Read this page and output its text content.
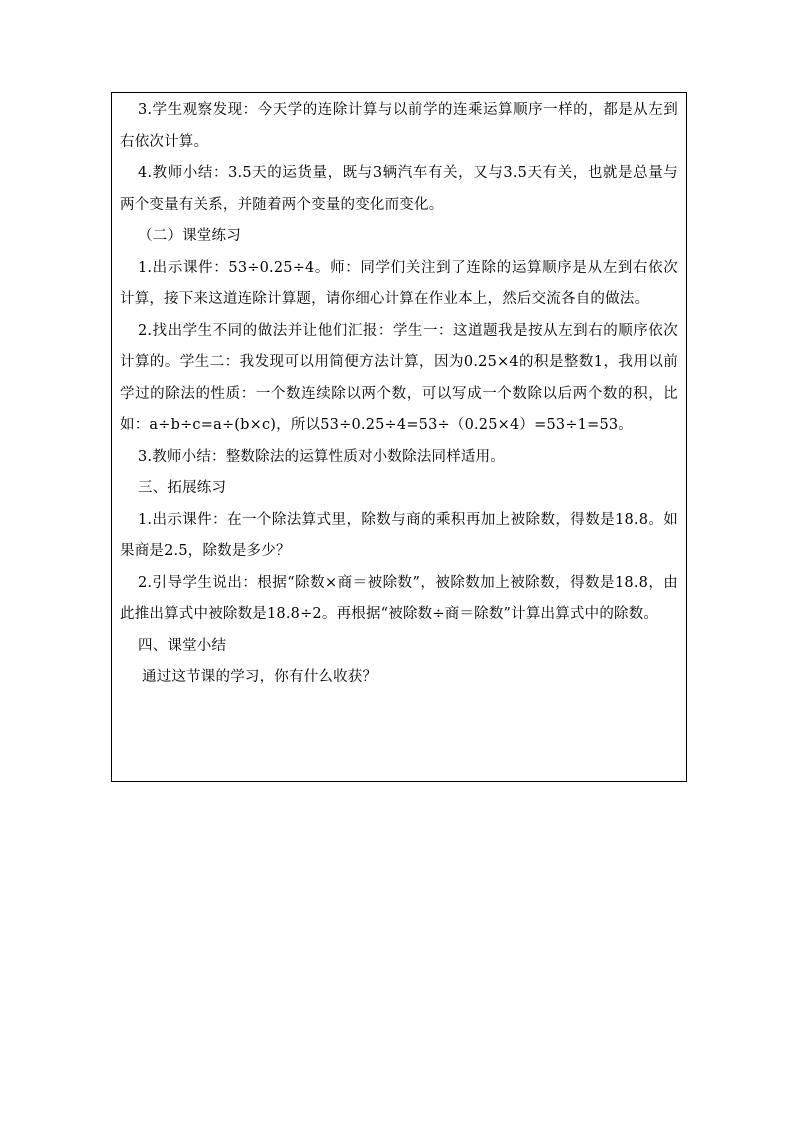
3.学生观察发现：今天学的连除计算与以前学的连乘运算顺序一样的，都是从左到右依次计算。

4.教师小结：3.5天的运货量，既与3辆汽车有关，又与3.5天有关，也就是总量与两个变量有关系，并随着两个变量的变化而变化。

（二）课堂练习

1.出示课件：53÷0.25÷4。师：同学们关注到了连除的运算顺序是从左到右依次计算，接下来这道连除计算题，请你细心计算在作业本上，然后交流各自的做法。

2.找出学生不同的做法并让他们汇报：学生一：这道题我是按从左到右的顺序依次计算的。学生二：我发现可以用简便方法计算，因为0.25×4的积是整数1，我用以前学过的除法的性质：一个数连续除以两个数，可以写成一个数除以后两个数的积，比如：a÷b÷c=a÷(b×c)，所以53÷0.25÷4=53÷（0.25×4）=53÷1=53。

3.教师小结：整数除法的运算性质对小数除法同样适用。

三、拓展练习

1.出示课件：在一个除法算式里，除数与商的乘积再加上被除数，得数是18.8。如果商是2.5，除数是多少？

2.引导学生说出：根据“除数×商＝被除数”，被除数加上被除数，得数是18.8，由此推出算式中被除数是18.8÷2。再根据“被除数÷商＝除数”计算出算式中的除数。

四、课堂小结

通过这节课的学习，你有什么收获？
